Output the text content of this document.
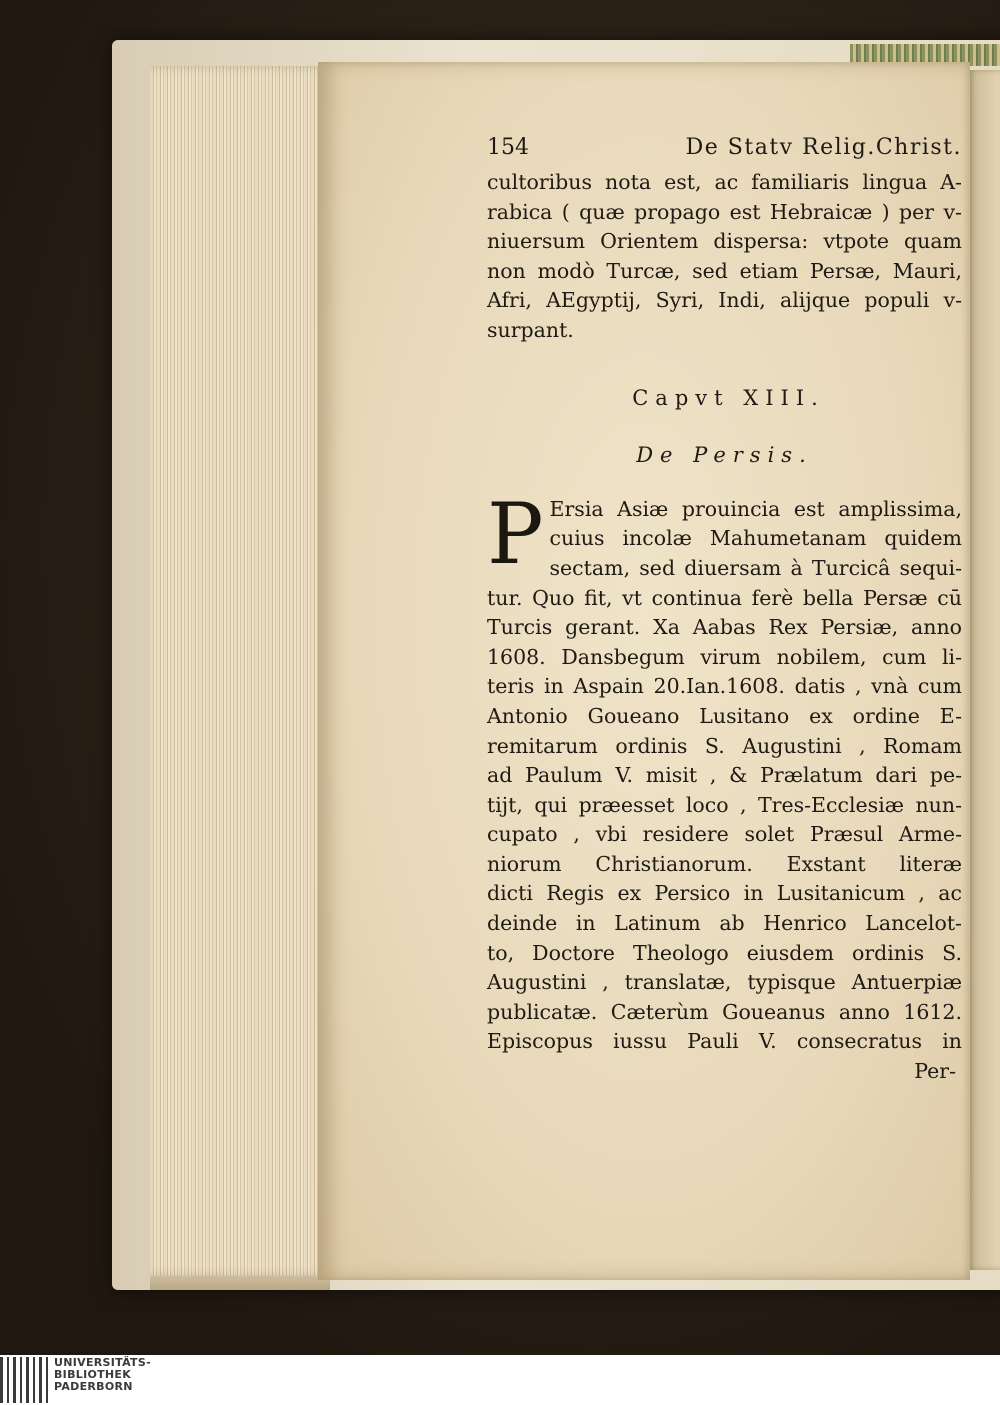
154	De Statv Relig.Christ.
cultoribus nota est, ac familiaris lingua A-
rabica ( quæ propago est Hebraicæ ) per v-
niuersum Orientem dispersa: vtpote quam
non modò Turcæ, sed etiam Persæ, Mauri,
Afri, AEgyptij, Syri, Indi, alijque populi v-
surpant.
Capvt XIII.
De Persis.
P Ersia Asiæ prouincia est amplissima,
cuius incolæ Mahumetanam quidem
sectam, sed diuersam à Turcicâ sequi-
tur. Quo fit, vt continua ferè bella Persæ cū
Turcis gerant. Xa Aabas Rex Persiæ, anno
1608. Dansbegum virum nobilem, cum li-
teris in Aspain 20.Ian.1608. datis , vnà cum
Antonio Goueano Lusitano ex ordine E-
remitarum ordinis S. Augustini , Romam
ad Paulum V. misit , & Prælatum dari pe-
tijt, qui præesset loco , Tres-Ecclesiæ nun-
cupato , vbi residere solet Præsul Arme-
niorum Christianorum. Exstant literæ
dicti Regis ex Persico in Lusitanicum , ac
deinde in Latinum ab Henrico Lancelot-
to, Doctore Theologo eiusdem ordinis S.
Augustini , translatæ, typisque Antuerpiæ
publicatæ. Cæterùm Goueanus anno 1612.
Episcopus iussu Pauli V. consecratus in
Per-
UNIVERSITÄTS-
BIBLIOTHEK
PADERBORN
